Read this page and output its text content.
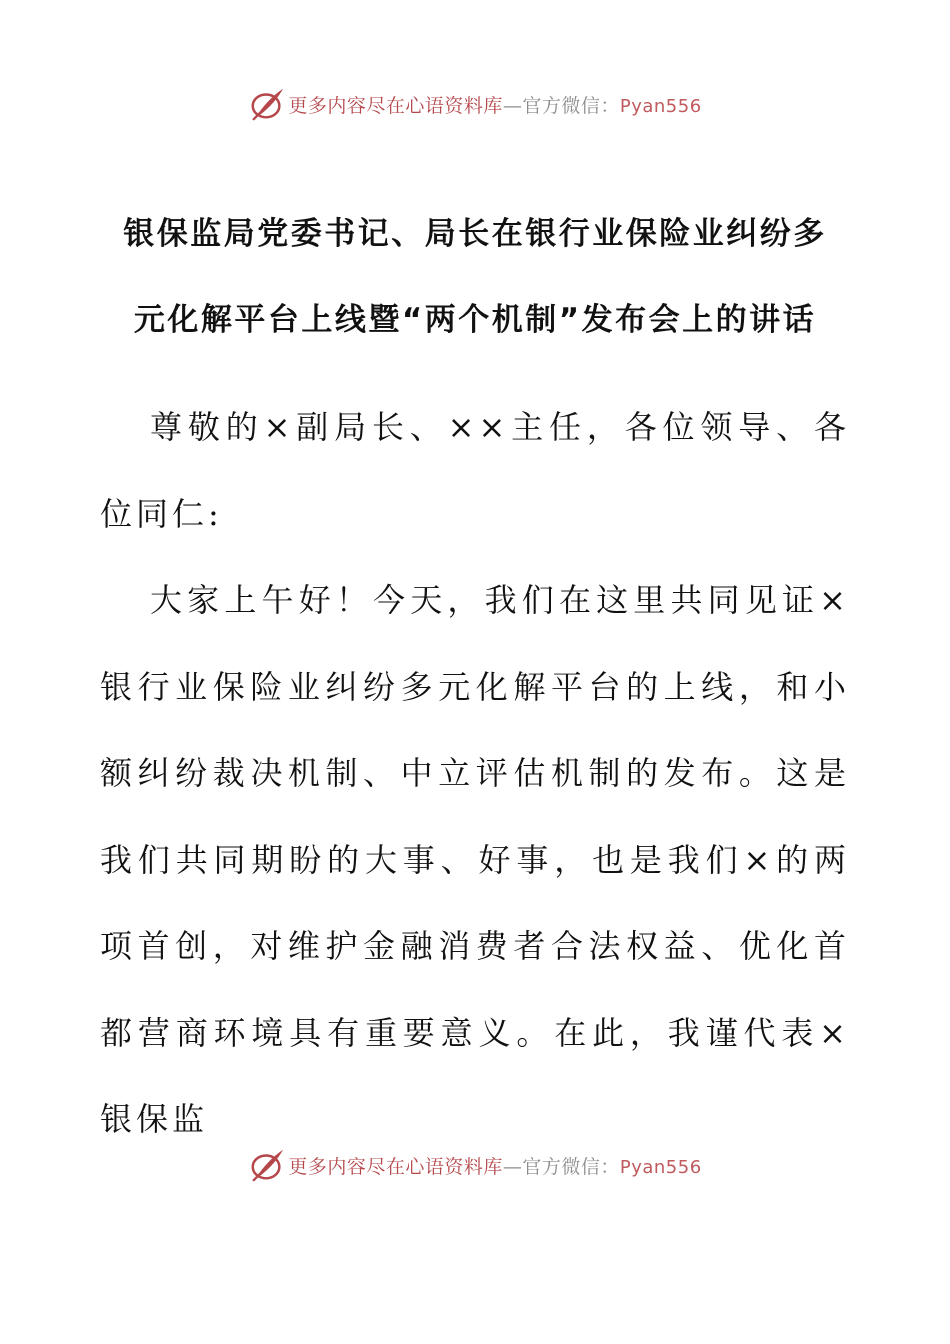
更多内容尽在心语资料库—官方微信：Pyan556
银保监局党委书记、局长在银行业保险业纠纷多
元化解平台上线暨“两个机制”发布会上的讲话

尊敬的×副局长、××主任，各位领导、各位同仁:

大家上午好！今天，我们在这里共同见证×银行业保险业纠纷多元化解平台的上线，和小额纠纷裁决机制、中立评估机制的发布。这是我们共同期盼的大事、好事，也是我们×的两项首创，对维护金融消费者合法权益、优化首都营商环境具有重要意义。在此，我谨代表×银保监

更多内容尽在心语资料库—官方微信：Pyan556
